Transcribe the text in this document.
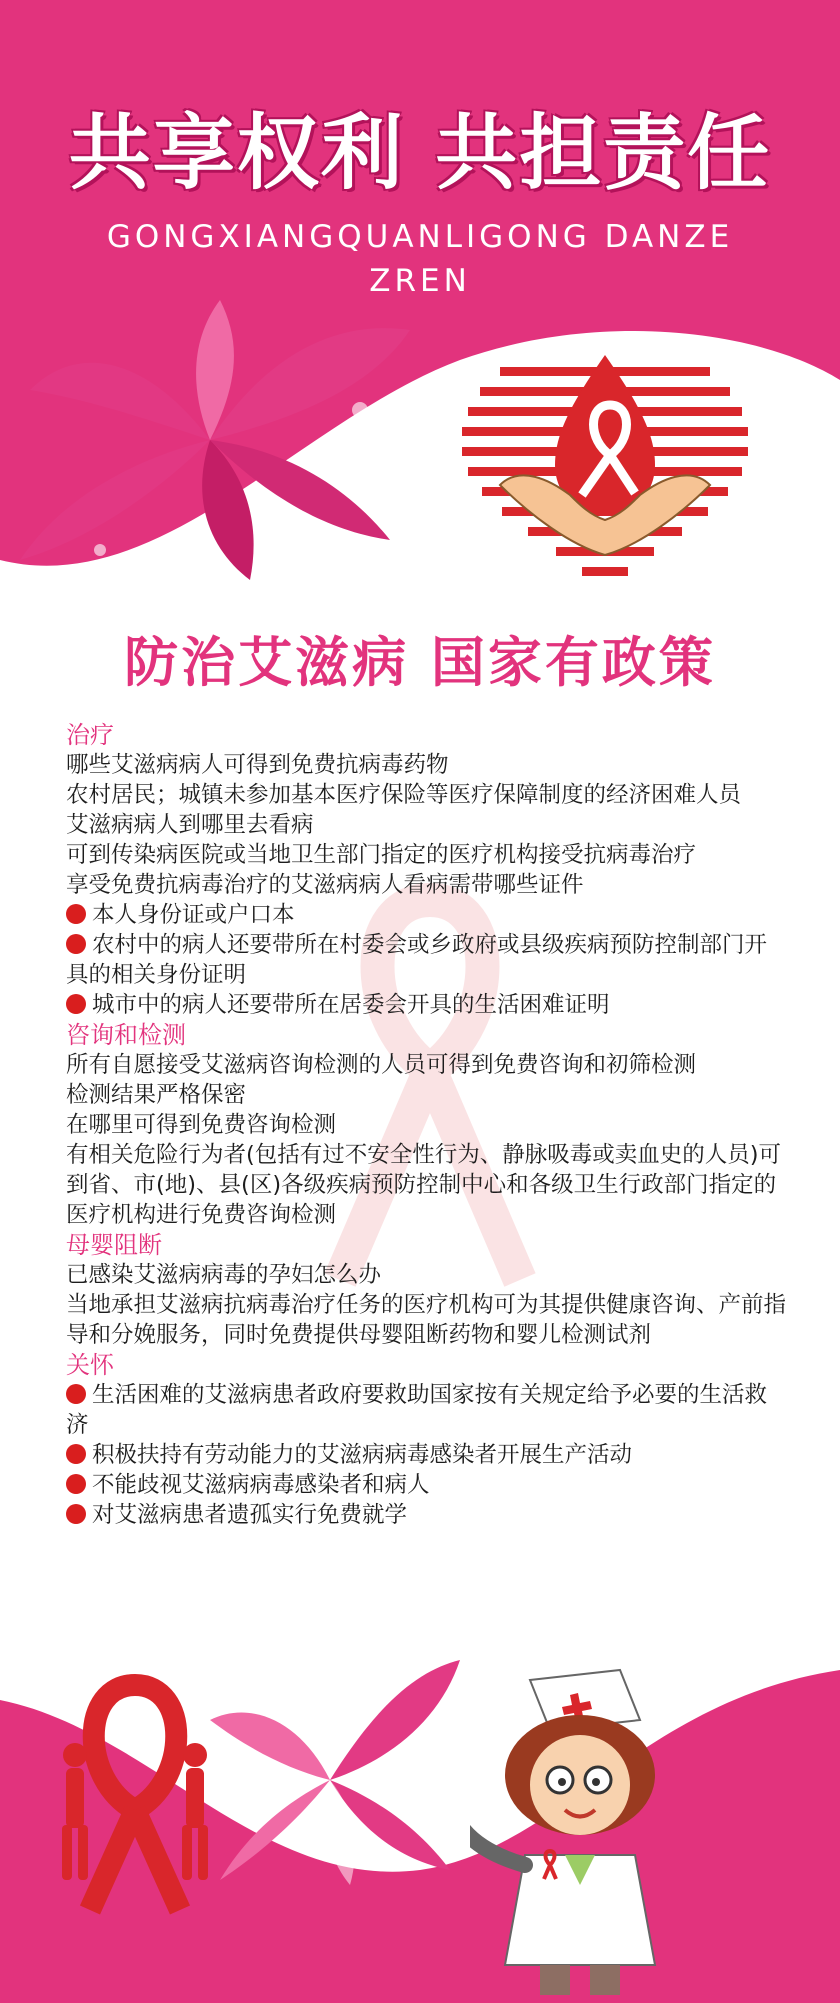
共享权利 共担责任
GONGXIANGQUANLIGONG DANZEZREN
防治艾滋病 国家有政策
治疗
哪些艾滋病病人可得到免费抗病毒药物
农村居民；城镇未参加基本医疗保险等医疗保障制度的经济困难人员
艾滋病病人到哪里去看病
可到传染病医院或当地卫生部门指定的医疗机构接受抗病毒治疗
享受免费抗病毒治疗的艾滋病病人看病需带哪些证件
本人身份证或户口本
农村中的病人还要带所在村委会或乡政府或县级疾病预防控制部门开具的相关身份证明
城市中的病人还要带所在居委会开具的生活困难证明
咨询和检测
所有自愿接受艾滋病咨询检测的人员可得到免费咨询和初筛检测
检测结果严格保密
在哪里可得到免费咨询检测
有相关危险行为者(包括有过不安全性行为、静脉吸毒或卖血史的人员)可到省、市(地)、县(区)各级疾病预防控制中心和各级卫生行政部门指定的医疗机构进行免费咨询检测
母婴阻断
已感染艾滋病病毒的孕妇怎么办
当地承担艾滋病抗病毒治疗任务的医疗机构可为其提供健康咨询、产前指导和分娩服务，同时免费提供母婴阻断药物和婴儿检测试剂
关怀
生活困难的艾滋病患者政府要救助国家按有关规定给予必要的生活救济
积极扶持有劳动能力的艾滋病病毒感染者开展生产活动
不能歧视艾滋病病毒感染者和病人
对艾滋病患者遗孤实行免费就学
